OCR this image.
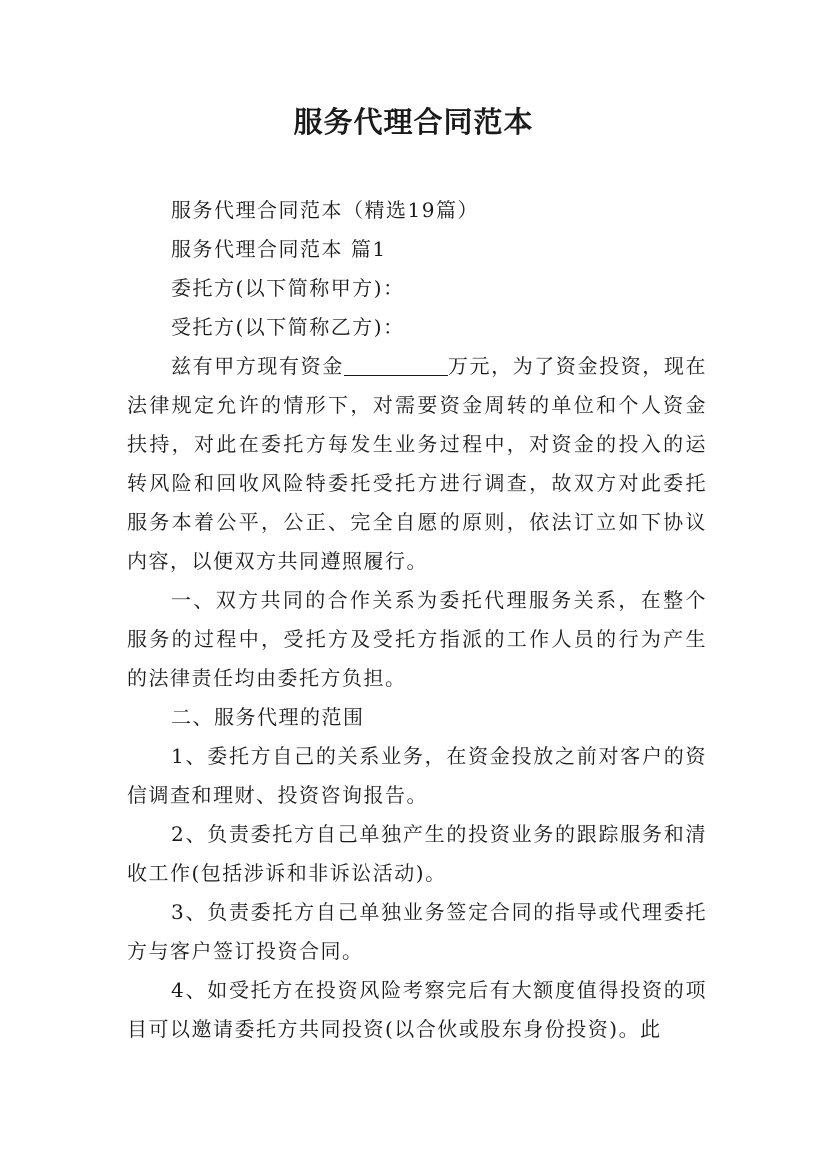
服务代理合同范本

服务代理合同范本（精选19篇）

服务代理合同范本 篇1

委托方(以下简称甲方)：

受托方(以下简称乙方)：

兹有甲方现有资金	万元，为了资金投资，现在法律规定允许的情形下，对需要资金周转的单位和个人资金扶持，对此在委托方每发生业务过程中，对资金的投入的运转风险和回收风险特委托受托方进行调查，故双方对此委托服务本着公平，公正、完全自愿的原则，依法订立如下协议内容，以便双方共同遵照履行。

一、双方共同的合作关系为委托代理服务关系，在整个服务的过程中，受托方及受托方指派的工作人员的行为产生的法律责任均由委托方负担。

二、服务代理的范围

1、委托方自己的关系业务，在资金投放之前对客户的资信调查和理财、投资咨询报告。

2、负责委托方自己单独产生的投资业务的跟踪服务和清收工作(包括涉诉和非诉讼活动)。

3、负责委托方自己单独业务签定合同的指导或代理委托方与客户签订投资合同。

4、如受托方在投资风险考察完后有大额度值得投资的项目可以邀请委托方共同投资(以合伙或股东身份投资)。此
